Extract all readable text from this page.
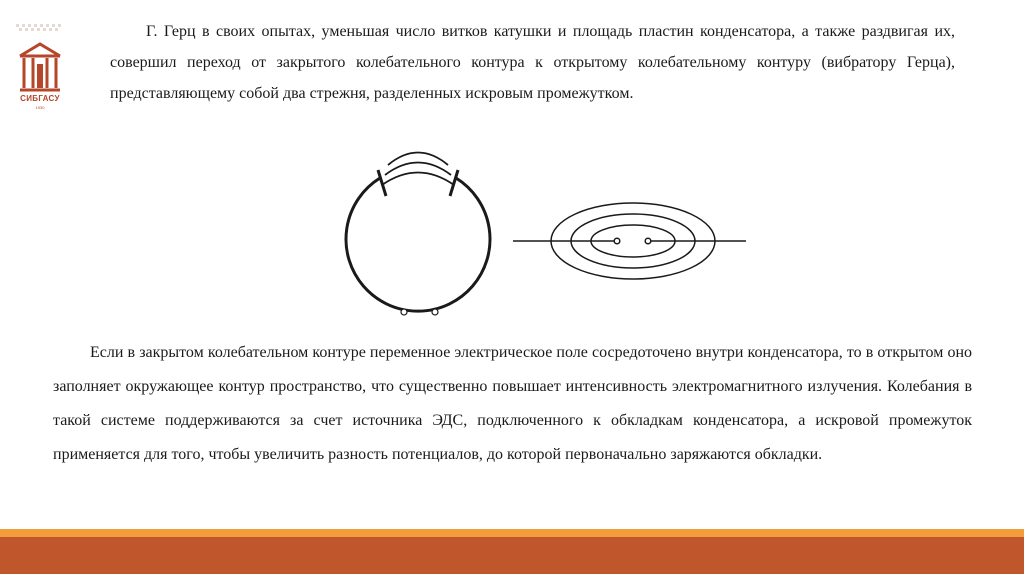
СИБГАСУ
1930

Г. Герц в своих опытах, уменьшая число витков катушки и площадь пластин конденсатора, а также раздвигая их, совершил переход от закрытого колебательного контура к открытому колебательному контуру (вибратору Герца), представляющему собой два стрежня, разделенных искровым промежутком.

Если в закрытом колебательном контуре переменное электрическое поле сосредоточено внутри конденсатора, то в открытом оно заполняет окружающее контур пространство, что существенно повышает интенсивность электромагнитного излучения. Колебания в такой системе поддерживаются за счет источника ЭДС, подключенного к обкладкам конденсатора, а искровой промежуток применяется для того, чтобы увеличить разность потенциалов, до которой первоначально заряжаются обкладки.
